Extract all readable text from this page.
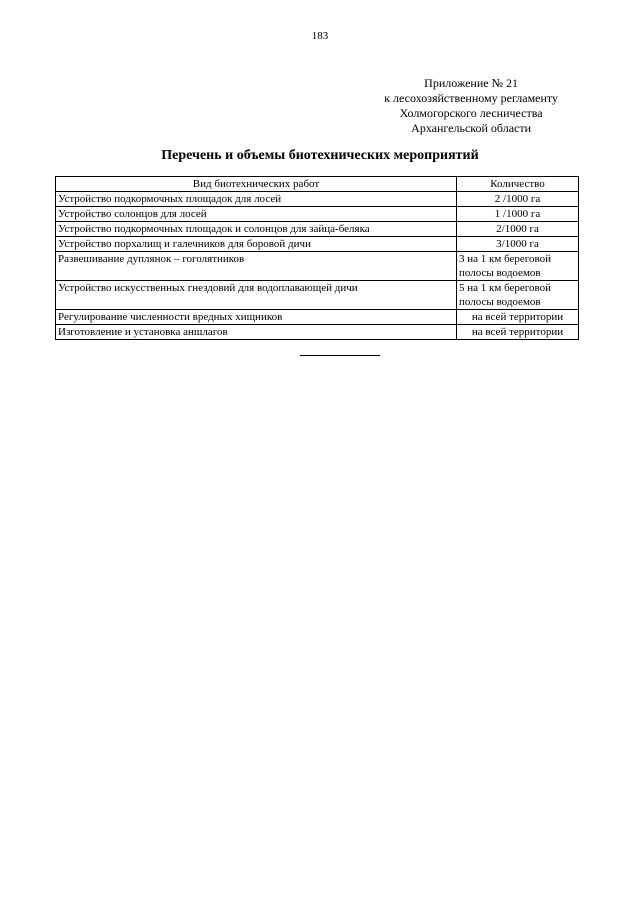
183
Приложение № 21
к лесохозяйственному регламенту
Холмогорского лесничества
Архангельской области
Перечень и объемы биотехнических мероприятий
Вид биотехнических работ	Количество
Устройство подкормочных площадок для лосей	2 /1000 га

Устройство солонцов для лосей	1 /1000 га

Устройство подкормочных площадок и солонцов для зайца-беляка	2/1000 га

Устройство порхалищ и галечников для боровой дичи	3/1000 га

Развешивание дуплянок – гоголятников	3 на 1 км береговой
полосы водоемов

Устройство искусственных гнездовий для водоплавающей дичи	5 на 1 км береговой
полосы водоемов

Регулирование численности вредных хищников	на всей территории

Изготовление и установка аншлагов	на всей территории
